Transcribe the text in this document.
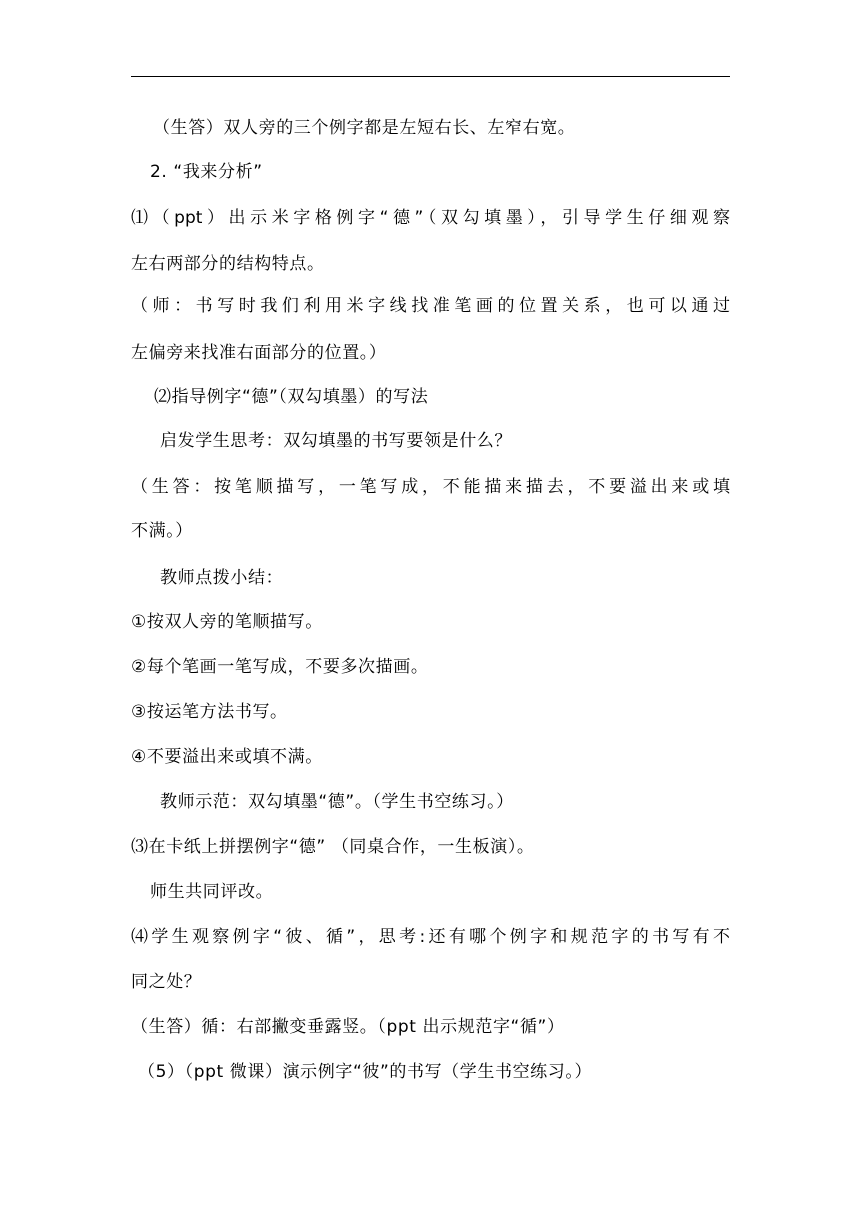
（生答）双人旁的三个例字都是左短右长、左窄右宽。

2. “我来分析”

⑴（ppt）出示米字格例字“德”（双勾填墨），引导学生仔细观察

左右两部分的结构特点。

（师：书写时我们利用米字线找准笔画的位置关系，也可以通过

左偏旁来找准右面部分的位置。）

⑵指导例字“德”（双勾填墨）的写法

启发学生思考：双勾填墨的书写要领是什么？

（生答：按笔顺描写，一笔写成，不能描来描去，不要溢出来或填

不满。）

教师点拨小结：

①按双人旁的笔顺描写。

②每个笔画一笔写成，不要多次描画。

③按运笔方法书写。

④不要溢出来或填不满。

教师示范：双勾填墨“德”。（学生书空练习。）

⑶在卡纸上拼摆例字“德” （同桌合作，一生板演）。

师生共同评改。

⑷学生观察例字“彼、循”，思考:还有哪个例字和规范字的书写有不

同之处？

（生答）循：右部撇变垂露竖。（ppt 出示规范字“循”）

（5）（ppt 微课）演示例字“彼”的书写（学生书空练习。）
